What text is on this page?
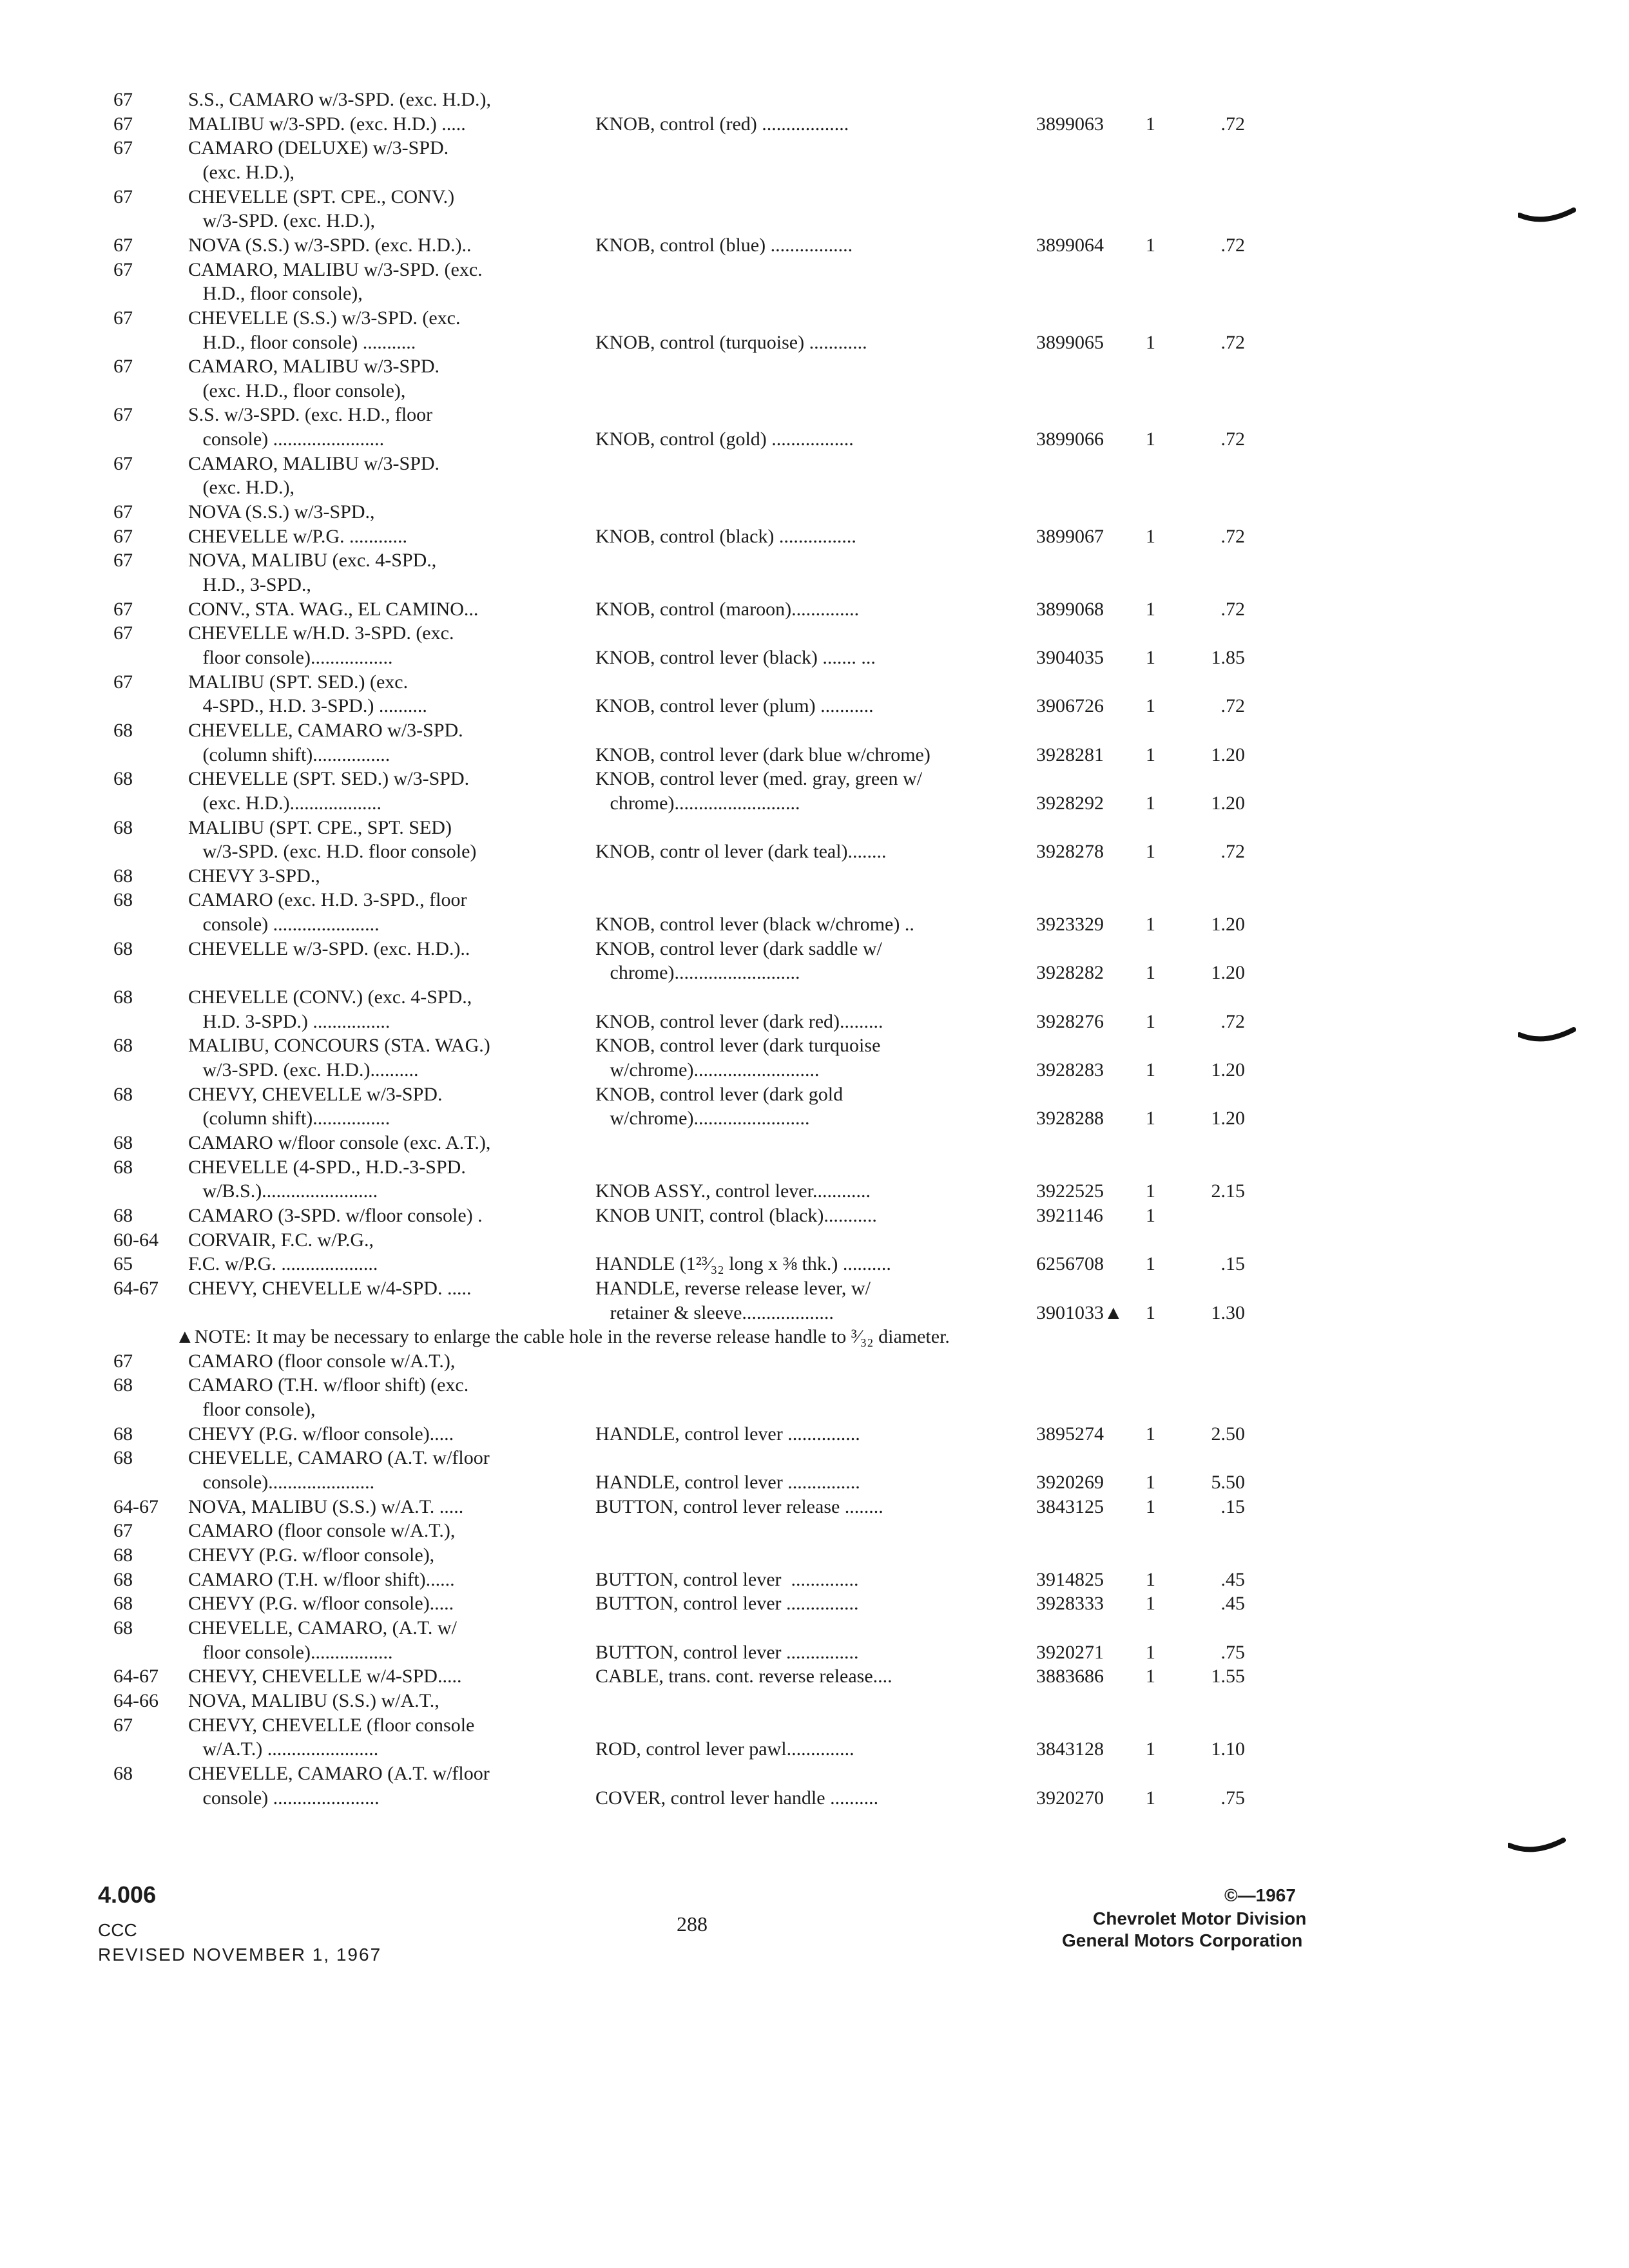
67	S.S., CAMARO w/3-SPD. (exc. H.D.),
67	MALIBU w/3-SPD. (exc. H.D.) .....	KNOB, control (red) ..................	3899063 1	.72
67	CAMARO (DELUXE) w/3-SPD.
(exc. H.D.),
67	CHEVELLE (SPT. CPE., CONV.)
w/3-SPD. (exc. H.D.),
67	NOVA (S.S.) w/3-SPD. (exc. H.D.)..	KNOB, control (blue) .................	3899064 1	.72
67	CAMARO, MALIBU w/3-SPD. (exc.
H.D., floor console),
67	CHEVELLE (S.S.) w/3-SPD. (exc.
H.D., floor console) ...........	KNOB, control (turquoise) ............	3899065 1	.72
67	CAMARO, MALIBU w/3-SPD.
(exc. H.D., floor console),
67	S.S. w/3-SPD. (exc. H.D., floor
console) .......................	KNOB, control (gold) .................	3899066 1	.72
67	CAMARO, MALIBU w/3-SPD.
(exc. H.D.),
67	NOVA (S.S.) w/3-SPD.,
67	CHEVELLE w/P.G. ............	KNOB, control (black) ................	3899067 1	.72
67	NOVA, MALIBU (exc. 4-SPD.,
H.D., 3-SPD.,
67	CONV., STA. WAG., EL CAMINO...	KNOB, control (maroon)..............	3899068 1	.72
67	CHEVELLE w/H.D. 3-SPD. (exc.
floor console).................	KNOB, control lever (black) ....... ...	3904035 1	1.85
67	MALIBU (SPT. SED.) (exc.
4-SPD., H.D. 3-SPD.) ..........	KNOB, control lever (plum) ...........	3906726 1	.72
68	CHEVELLE, CAMARO w/3-SPD.
(column shift)................	KNOB, control lever (dark blue w/chrome)	3928281 1	1.20
68	CHEVELLE (SPT. SED.) w/3-SPD.	KNOB, control lever (med. gray, green w/
(exc. H.D.)...................	chrome)..........................	3928292 1	1.20
68	MALIBU (SPT. CPE., SPT. SED)
w/3-SPD. (exc. H.D. floor console)	KNOB, contr ol lever (dark teal)........	3928278 1	.72
68	CHEVY 3-SPD.,
68	CAMARO (exc. H.D. 3-SPD., floor
console) ......................	KNOB, control lever (black w/chrome) ..	3923329 1	1.20
68	CHEVELLE w/3-SPD. (exc. H.D.)..	KNOB, control lever (dark saddle w/
chrome)..........................	3928282 1	1.20
68	CHEVELLE (CONV.) (exc. 4-SPD.,
H.D. 3-SPD.) ................	KNOB, control lever (dark red).........	3928276 1	.72
68	MALIBU, CONCOURS (STA. WAG.)	KNOB, control lever (dark turquoise
w/3-SPD. (exc. H.D.)..........	w/chrome)..........................	3928283 1	1.20
68	CHEVY, CHEVELLE w/3-SPD.	KNOB, control lever (dark gold
(column shift)................	w/chrome)........................	3928288 1	1.20
68	CAMARO w/floor console (exc. A.T.),
68	CHEVELLE (4-SPD., H.D.-3-SPD.
w/B.S.)........................	KNOB ASSY., control lever............	3922525 1	2.15
68	CAMARO (3-SPD. w/floor console) .	KNOB UNIT, control (black)...........	3921146 1
60-64 CORVAIR, F.C. w/P.G.,
65	F.C. w/P.G. ....................	HANDLE (1²³⁄₃₂ long x ⅜ thk.) ..........	6256708 1	.15
64-67 CHEVY, CHEVELLE w/4-SPD. .....	HANDLE, reverse release lever, w/
retainer & sleeve...................	3901033▲ 1	1.30
▲NOTE: It may be necessary to enlarge the cable hole in the reverse release handle to ³⁄₃₂ diameter.
67	CAMARO (floor console w/A.T.),
68	CAMARO (T.H. w/floor shift) (exc.
floor console),
68	CHEVY (P.G. w/floor console).....	HANDLE, control lever ...............	3895274 1	2.50
68	CHEVELLE, CAMARO (A.T. w/floor
console)......................	HANDLE, control lever ...............	3920269 1	5.50
64-67 NOVA, MALIBU (S.S.) w/A.T. .....	BUTTON, control lever release ........	3843125 1	.15
67	CAMARO (floor console w/A.T.),
68	CHEVY (P.G. w/floor console),
68	CAMARO (T.H. w/floor shift)......	BUTTON, control lever  ..............	3914825 1	.45
68	CHEVY (P.G. w/floor console).....	BUTTON, control lever ...............	3928333 1	.45
68	CHEVELLE, CAMARO, (A.T. w/
floor console).................	BUTTON, control lever ...............	3920271 1	.75
64-67 CHEVY, CHEVELLE w/4-SPD.....	CABLE, trans. cont. reverse release....	3883686 1	1.55
64-66 NOVA, MALIBU (S.S.) w/A.T.,
67	CHEVY, CHEVELLE (floor console
w/A.T.) .......................	ROD, control lever pawl..............	3843128 1	1.10
68	CHEVELLE, CAMARO (A.T. w/floor
console) ......................	COVER, control lever handle ..........	3920270 1	.75
4.006
CCC
REVISED NOVEMBER 1, 1967
288
©—1967
Chevrolet Motor Division
General Motors Corporation
